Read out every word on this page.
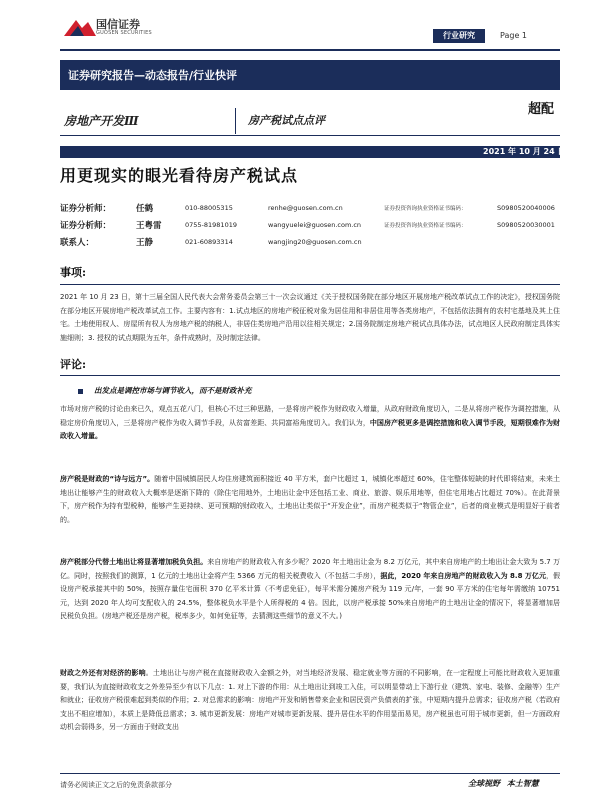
国信证券
GUOSEN SECURITIES	行业研究	Page 1
证券研究报告—动态报告/行业快评
房地产开发Ⅲ	房产税试点点评
超配
2021 年 10 月 24 日
用更现实的眼光看待房产税试点
证券分析师：	任鹤	010-88005315	renhe@guosen.com.cn	证券投资咨询执业资格证书编码：	S0980520040006
证券分析师：	王粤雷	0755-81981019	wangyuelei@guosen.com.cn	证券投资咨询执业资格证书编码：	S0980520030001
联系人：	王静	021-60893314	wangjing20@guosen.com.cn
事项:

2021 年 10 月 23 日，第十三届全国人民代表大会常务委员会第三十一次会议通过《关于授权国务院在部分地区开展房地产税改革试点工作的决定》，授权国务院在部分地区开展房地产税改革试点工作。主要内容有：1.试点地区的房地产税征税对象为居住用和非居住用等各类房地产，不包括依法拥有的农村宅基地及其上住宅。土地使用权人、房屋所有权人为房地产税的纳税人，非居住类房地产沿用以往相关规定；2.国务院制定房地产税试点具体办法，试点地区人民政府制定具体实施细则；3. 授权的试点期限为五年，条件成熟时，及时制定法律。

评论:
出发点是调控市场与调节收入，而不是财政补充

市场对房产税的讨论由来已久，观点五花八门，但核心不过三种思路，一是将房产税作为财政收入增量，从政府财政角度切入，二是从将房产税作为调控措施，从稳定房价角度切入，三是将房产税作为收入调节手段，从贫富差距、共同富裕角度切入。我们认为，中国房产税更多是调控措施和收入调节手段，短期很难作为财政收入增量。

房产税是财政的“诗与远方”。随着中国城镇居民人均住房建筑面积接近 40 平方米，套户比超过 1，城镇化率超过 60%，住宅整体短缺的时代即将结束，未来土地出让能够产生的财政收入大概率是逐渐下降的（除住宅用地外，土地出让金中还包括工业、商业、旅游、娱乐用地等，但住宅用地占比超过 70%）。在此背景下，房产税作为持有型税种，能够产生更持续、更可预期的财政收入，土地出让类似于“开发企业”，而房产税类似于“物管企业”，后者的商业模式是明显好于前者的。

房产税部分代替土地出让将显著增加税负负担。来自房地产的财政收入有多少呢？2020 年土地出让金为 8.2 万亿元，其中来自房地产的土地出让金大致为 5.7 万亿。同时，按照我们的测算，1 亿元的土地出让金将产生 5366 万元的相关税费收入（不包括二手房），据此，2020 年来自房地产的财政收入为 8.8 万亿元，假设房产税承接其中的 50%，按照存量住宅面积 370 亿平米计算（不考虑免征），每平米需分摊房产税为 119 元/年，一套 90 平方米的住宅每年需缴纳 10751 元，达到 2020 年人均可支配收入的 24.5%，整体税负水平是个人所得税的 4 倍。因此，以房产税承接 50%来自房地产的土地出让金的情况下，将显著增加居民税负负担。(房地产税还是房产税，税率多少，如何免征等，去猜测这些细节的意义不大。)

财政之外还有对经济的影响。土地出让与房产税在直接财政收入金额之外，对当地经济发展、稳定就业等方面的不同影响，在一定程度上可能比财政收入更加重要，我们认为直接财政收支之外差异至少有以下几点：1. 对上下游的作用：从土地出让到竣工入住，可以明显带动上下游行业（建筑、家电、装修、金融等）生产和就业；征收房产税很难起到类似的作用；2. 对总需求的影响：房地产开发和销售带来企业和居民资产负债表的扩张，中短期内提升总需求；征收房产税（若政府支出不相应增加），本质上是降低总需求；3. 城市更新发展：房地产对城市更新发展、提升居住水平的作用显而易见，房产税虽也可用于城市更新，但一方面政府动机会弱得多，另一方面由于财政支出

请务必阅读正文之后的免责条款部分	全球视野 本土智慧
